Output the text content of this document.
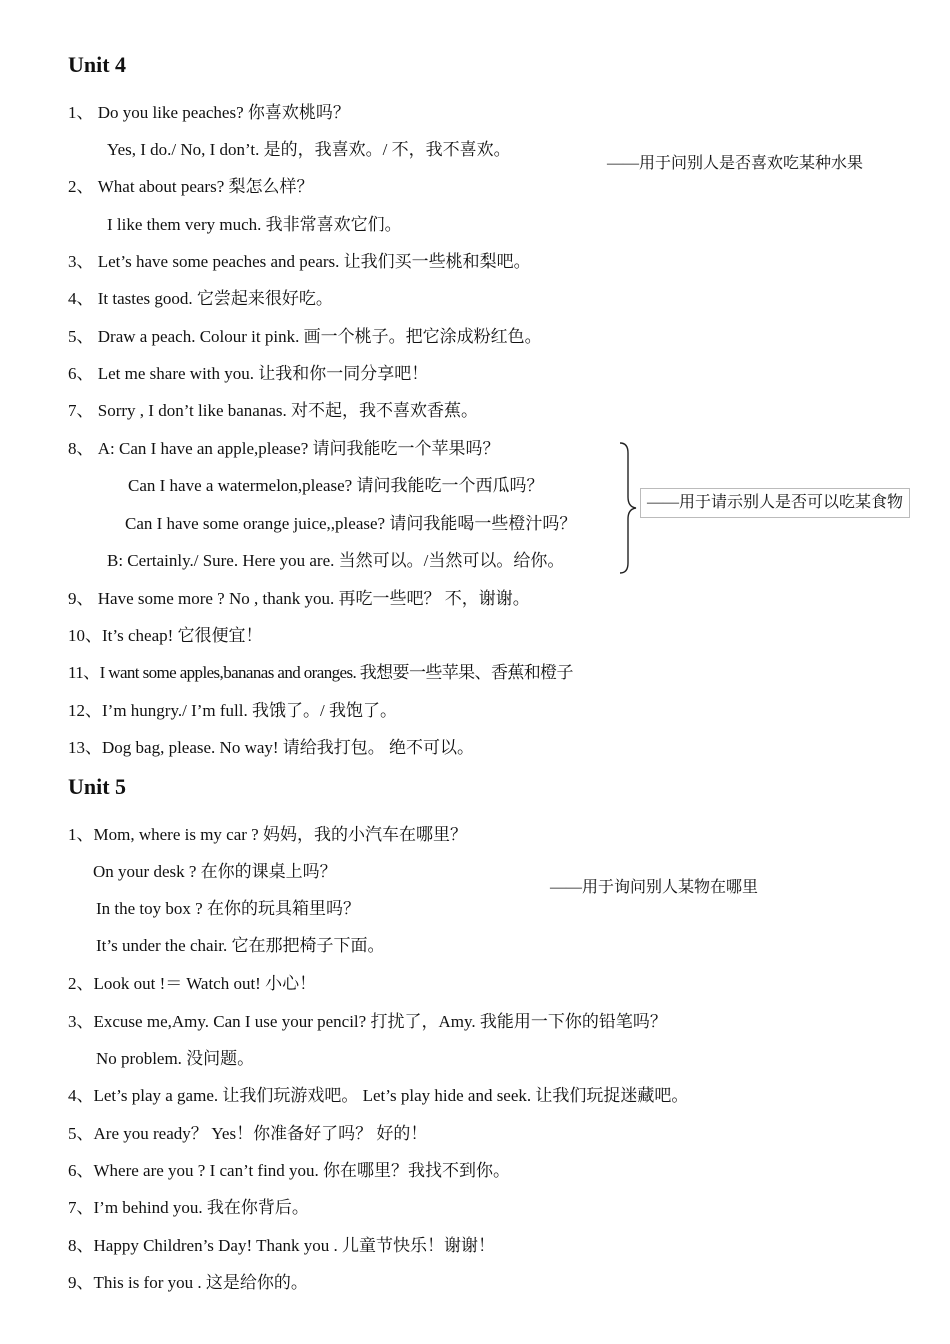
Unit 4
1、 Do you like peaches? 你喜欢桃吗？
Yes, I do./ No, I don’t. 是的，我喜欢。/ 不，我不喜欢。
——用于问别人是否喜欢吃某种水果
2、 What about pears? 梨怎么样？
I like them very much. 我非常喜欢它们。
3、 Let’s have some peaches and pears. 让我们买一些桃和梨吧。
4、 It tastes good. 它尝起来很好吃。
5、 Draw a peach. Colour it pink. 画一个桃子。把它涂成粉红色。
6、 Let me share with you. 让我和你一同分享吧！
7、 Sorry , I don’t like bananas. 对不起，我不喜欢香蕉。
8、 A: Can I have an apple,please? 请问我能吃一个苹果吗？
Can I have a watermelon,please? 请问我能吃一个西瓜吗？
Can I have some orange juice,,please? 请问我能喝一些橙汁吗？
B: Certainly./ Sure. Here you are. 当然可以。/当然可以。给你。
——用于请示别人是否可以吃某食物
9、 Have some more ? No , thank you. 再吃一些吧？ 不，谢谢。
10、It’s cheap! 它很便宜！
11、I want some apples,bananas and oranges. 我想要一些苹果、香蕉和橙子
12、I’m hungry./ I’m full. 我饿了。/ 我饱了。
13、Dog bag, please. No way! 请给我打包。 绝不可以。
Unit 5
1、Mom, where is my car ? 妈妈，我的小汽车在哪里？
On your desk ? 在你的课桌上吗？
——用于询问别人某物在哪里
In the toy box ? 在你的玩具箱里吗？
It’s under the chair. 它在那把椅子下面。
2、Look out !＝ Watch out! 小心！
3、Excuse me,Amy. Can I use your pencil? 打扰了，Amy. 我能用一下你的铅笔吗？
No problem. 没问题。
4、Let’s play a game. 让我们玩游戏吧。 Let’s play hide and seek. 让我们玩捉迷藏吧。
5、Are you ready？ Yes！你准备好了吗？ 好的！
6、Where are you ? I can’t find you. 你在哪里？我找不到你。
7、I’m behind you. 我在你背后。
8、Happy Children’s Day! Thank you . 儿童节快乐！谢谢！
9、This is for you . 这是给你的。
